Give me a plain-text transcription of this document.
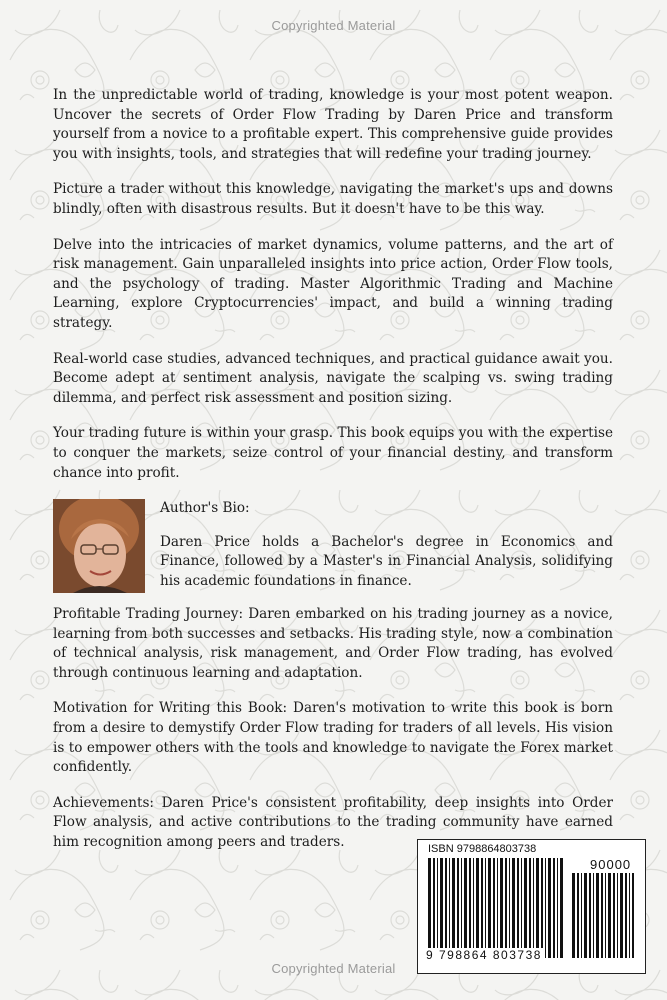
Copyrighted Material

In the unpredictable world of trading, knowledge is your most potent weapon. Uncover the secrets of Order Flow Trading by Daren Price and transform yourself from a novice to a profitable expert. This comprehensive guide provides you with insights, tools, and strategies that will redefine your trading journey.

Picture a trader without this knowledge, navigating the market's ups and downs blindly, often with disastrous results. But it doesn't have to be this way.

Delve into the intricacies of market dynamics, volume patterns, and the art of risk management. Gain unparalleled insights into price action, Order Flow tools, and the psychology of trading. Master Algorithmic Trading and Machine Learning, explore Cryptocurrencies' impact, and build a winning trading strategy.

Real-world case studies, advanced techniques, and practical guidance await you. Become adept at sentiment analysis, navigate the scalping vs. swing trading dilemma, and perfect risk assessment and position sizing.

Your trading future is within your grasp. This book equips you with the expertise to conquer the markets, seize control of your financial destiny, and transform chance into profit.

Author's Bio:

Daren Price holds a Bachelor's degree in Economics and Finance, followed by a Master's in Financial Analysis, solidifying his academic foundations in finance.

Profitable Trading Journey: Daren embarked on his trading journey as a novice, learning from both successes and setbacks. His trading style, now a combination of technical analysis, risk management, and Order Flow trading, has evolved through continuous learning and adaptation.

Motivation for Writing this Book: Daren's motivation to write this book is born from a desire to demystify Order Flow trading for traders of all levels. His vision is to empower others with the tools and knowledge to navigate the Forex market confidently.

Achievements: Daren Price's consistent profitability, deep insights into Order Flow analysis, and active contributions to the trading community have earned him recognition among peers and traders.	ISBN 9798864803738
90000
9 798864 803738
Copyrighted Material
